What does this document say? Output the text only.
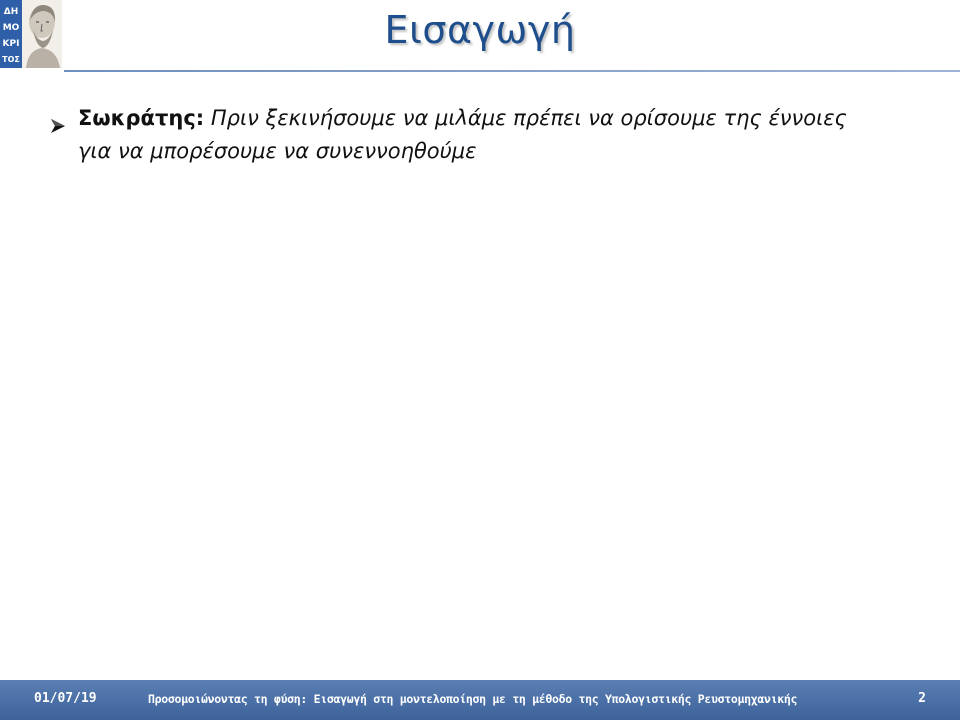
ΔΗ
ΜΟ
ΚΡΙ
ΤΟΣ
Εισαγωγή
Σωκράτης: Πριν ξεκινήσουμε να μιλάμε πρέπει να ορίσουμε της έννοιες για να μπορέσουμε να συνεννοηθούμε
01/07/19	Προσομοιώνοντας τη φύση: Εισαγωγή στη μοντελοποίηση με τη μέθοδο της Υπολογιστικής Ρευστομηχανικής	2
